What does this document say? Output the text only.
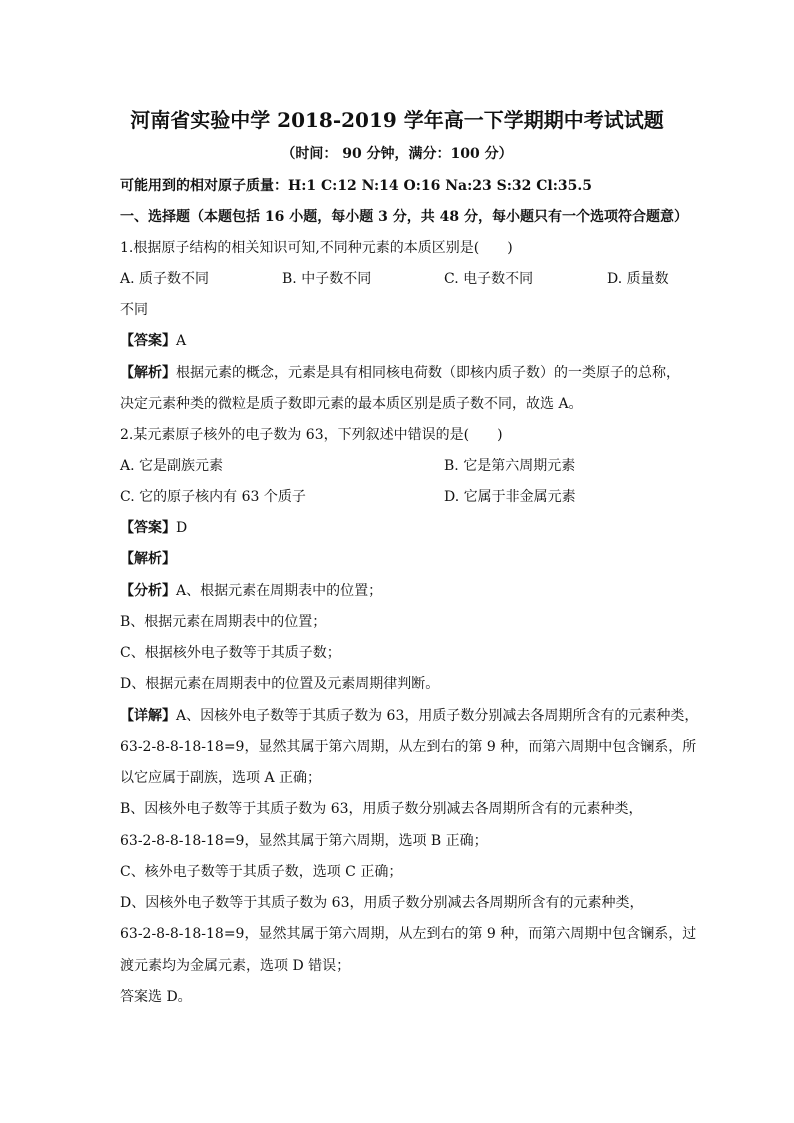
河南省实验中学 2018-2019 学年高一下学期期中考试试题
（时间： 90 分钟，满分：100 分）
可能用到的相对原子质量：H:1 C:12 N:14 O:16 Na:23 S:32 Cl:35.5
一、选择题（本题包括 16 小题，每小题 3 分，共 48 分，每小题只有一个选项符合题意）
1.根据原子结构的相关知识可知,不同种元素的本质区别是(　　)
A. 质子数不同	B. 中子数不同	C. 电子数不同	D. 质量数
不同
【答案】A
【解析】根据元素的概念，元素是具有相同核电荷数（即核内质子数）的一类原子的总称，
决定元素种类的微粒是质子数即元素的最本质区别是质子数不同，故选 A。
2.某元素原子核外的电子数为 63，下列叙述中错误的是(　　)
A. 它是副族元素	B. 它是第六周期元素
C. 它的原子核内有 63 个质子	D. 它属于非金属元素
【答案】D
【解析】
【分析】A、根据元素在周期表中的位置；
B、根据元素在周期表中的位置；
C、根据核外电子数等于其质子数；
D、根据元素在周期表中的位置及元素周期律判断。
【详解】A、因核外电子数等于其质子数为 63，用质子数分别减去各周期所含有的元素种类，
63-2-8-8-18-18=9，显然其属于第六周期，从左到右的第 9 种，而第六周期中包含镧系，所
以它应属于副族，选项 A 正确；
B、因核外电子数等于其质子数为 63，用质子数分别减去各周期所含有的元素种类，
63-2-8-8-18-18=9，显然其属于第六周期，选项 B 正确；
C、核外电子数等于其质子数，选项 C 正确；
D、因核外电子数等于其质子数为 63，用质子数分别减去各周期所含有的元素种类，
63-2-8-8-18-18=9，显然其属于第六周期，从左到右的第 9 种，而第六周期中包含镧系，过
渡元素均为金属元素，选项 D 错误；
答案选 D。
